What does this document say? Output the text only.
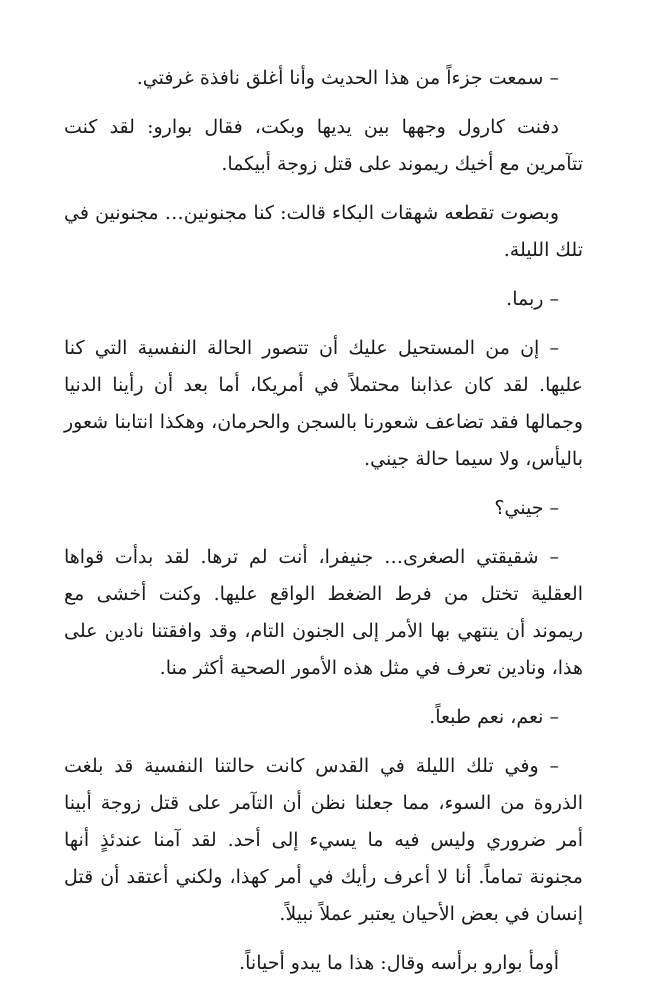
– سمعت جزءاً من هذا الحديث وأنا أغلق نافذة غرفتي.

دفنت كارول وجهها بين يديها وبكت، فقال بوارو: لقد كنت تتآمرين مع أخيك ريموند على قتل زوجة أبيكما.

وبصوت تقطعه شهقات البكاء قالت: كنا مجنونين… مجنونين في تلك الليلة.

– ربما.

– إن من المستحيل عليك أن تتصور الحالة النفسية التي كنا عليها. لقد كان عذابنا محتملاً في أمريكا، أما بعد أن رأينا الدنيا وجمالها فقد تضاعف شعورنا بالسجن والحرمان، وهكذا انتابنا شعور باليأس، ولا سيما حالة جيني.

– جيني؟

– شقيقتي الصغرى… جنيفرا، أنت لم ترها. لقد بدأت قواها العقلية تختل من فرط الضغط الواقع عليها. وكنت أخشى مع ريموند أن ينتهي بها الأمر إلى الجنون التام، وقد وافقتنا نادين على هذا، ونادين تعرف في مثل هذه الأمور الصحية أكثر منا.

– نعم، نعم طبعاً.

– وفي تلك الليلة في القدس كانت حالتنا النفسية قد بلغت الذروة من السوء، مما جعلنا نظن أن التآمر على قتل زوجة أبينا أمر ضروري وليس فيه ما يسيء إلى أحد. لقد آمنا عندئذٍ أنها مجنونة تماماً. أنا لا أعرف رأيك في أمر كهذا، ولكني أعتقد أن قتل إنسان في بعض الأحيان يعتبر عملاً نبيلاً.

أومأ بوارو برأسه وقال: هذا ما يبدو أحياناً.
